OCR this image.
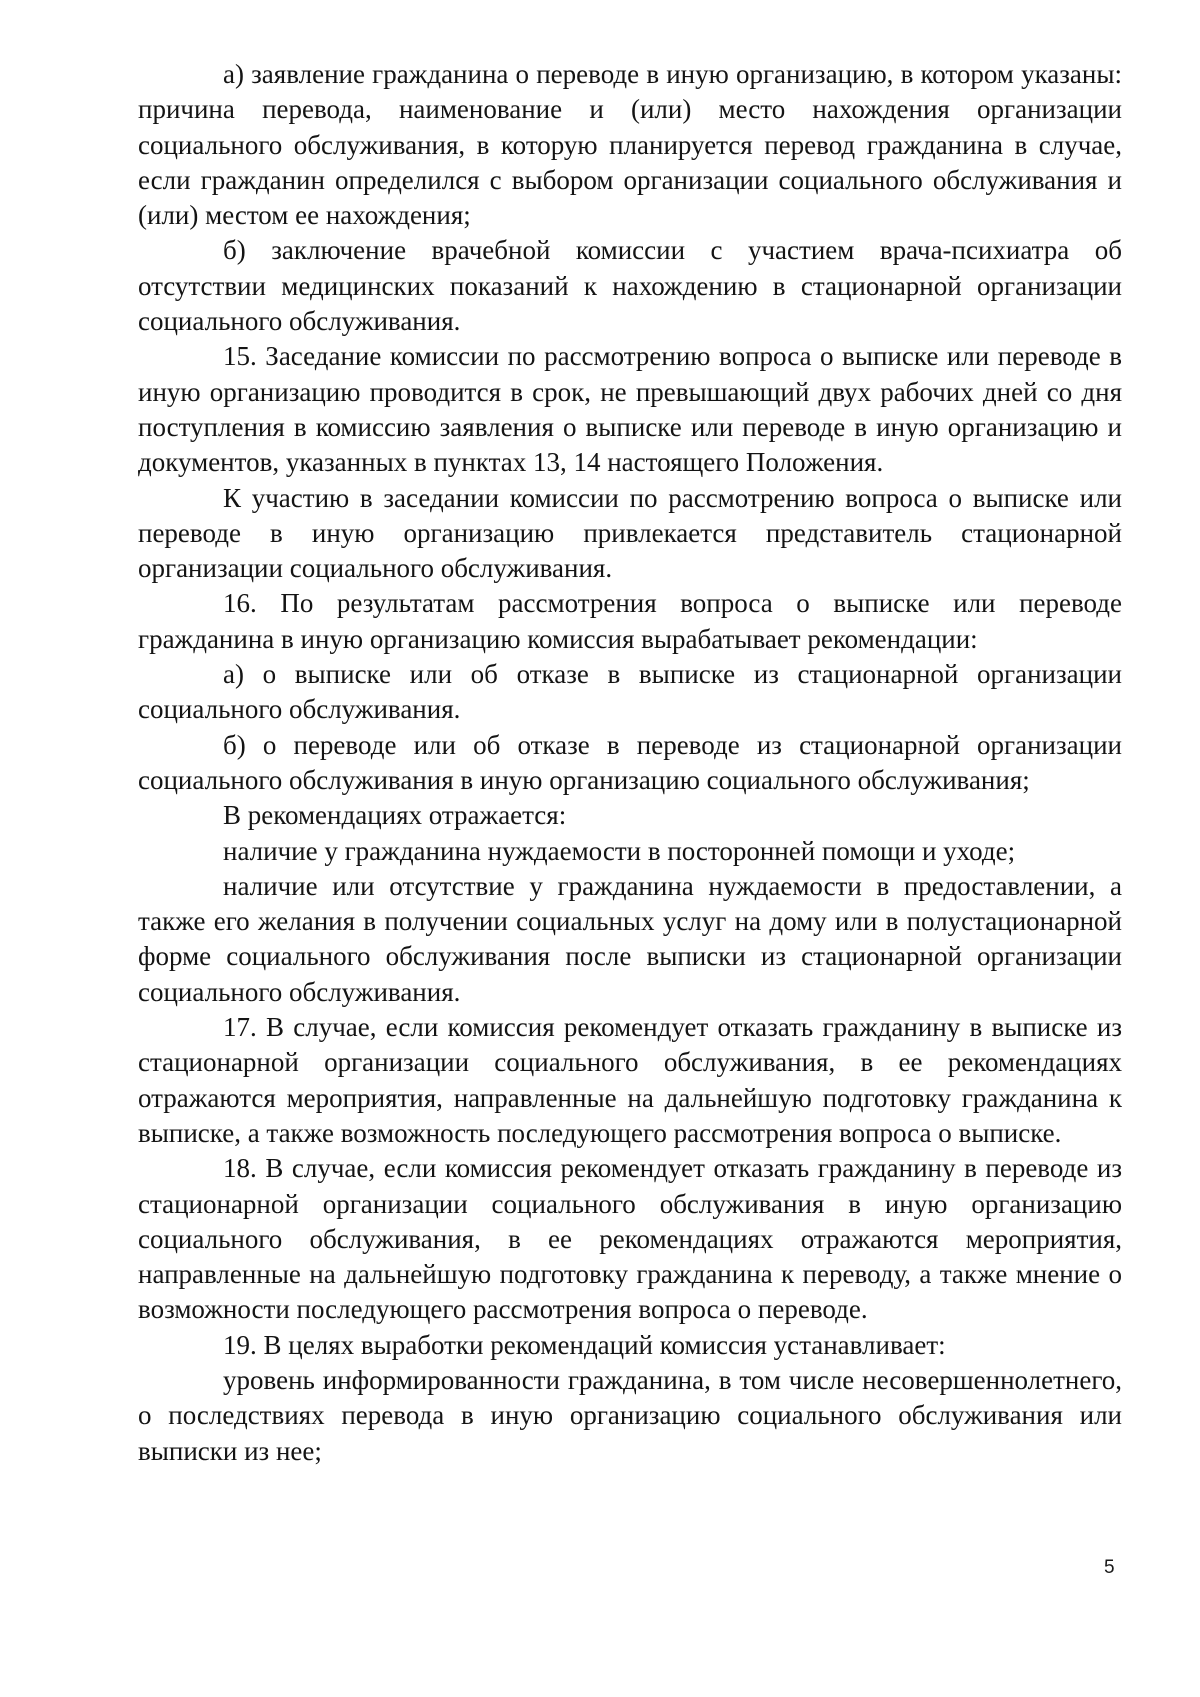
а) заявление гражданина о переводе в иную организацию, в котором указаны: причина перевода, наименование и (или) место нахождения организации социального обслуживания, в которую планируется перевод гражданина в случае, если гражданин определился с выбором организации социального обслуживания и (или) местом ее нахождения;

б) заключение врачебной комиссии с участием врача-психиатра об отсутствии медицинских показаний к нахождению в стационарной организации социального обслуживания.

15. Заседание комиссии по рассмотрению вопроса о выписке или переводе в иную организацию проводится в срок, не превышающий двух рабочих дней со дня поступления в комиссию заявления о выписке или переводе в иную организацию и документов, указанных в пунктах 13, 14 настоящего Положения.

К участию в заседании комиссии по рассмотрению вопроса о выписке или переводе в иную организацию привлекается представитель стационарной организации социального обслуживания.

16. По результатам рассмотрения вопроса о выписке или переводе гражданина в иную организацию комиссия вырабатывает рекомендации:

а) о выписке или об отказе в выписке из стационарной организации социального обслуживания.

б) о переводе или об отказе в переводе из стационарной организации социального обслуживания в иную организацию социального обслуживания;

В рекомендациях отражается:

наличие у гражданина нуждаемости в посторонней помощи и уходе;

наличие или отсутствие у гражданина нуждаемости в предоставлении, а также его желания в получении социальных услуг на дому или в полустационарной форме социального обслуживания после выписки из стационарной организации социального обслуживания.

17. В случае, если комиссия рекомендует отказать гражданину в выписке из стационарной организации социального обслуживания, в ее рекомендациях отражаются мероприятия, направленные на дальнейшую подготовку гражданина к выписке, а также возможность последующего рассмотрения вопроса о выписке.

18. В случае, если комиссия рекомендует отказать гражданину в переводе из стационарной организации социального обслуживания в иную организацию социального обслуживания, в ее рекомендациях отражаются мероприятия, направленные на дальнейшую подготовку гражданина к переводу, а также мнение о возможности последующего рассмотрения вопроса о переводе.

19. В целях выработки рекомендаций комиссия устанавливает:

уровень информированности гражданина, в том числе несовершеннолетнего, о последствиях перевода в иную организацию социального обслуживания или выписки из нее;

5
